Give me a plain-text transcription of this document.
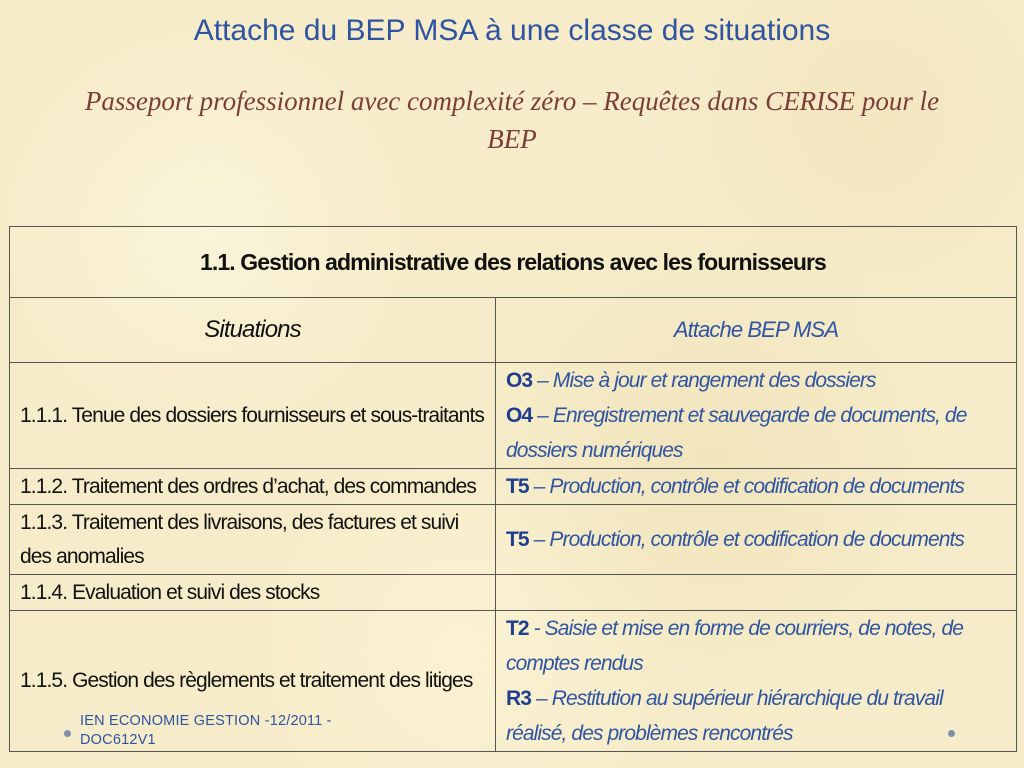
Attache du BEP MSA à une classe de situations
Passeport professionnel avec complexité zéro – Requêtes dans CERISE pour le BEP
1.1. Gestion administrative des relations avec les fournisseurs	
Situations	Attache BEP MSA
1.1.1. Tenue des dossiers fournisseurs et sous-traitants	O3 – Mise à jour et rangement des dossiers
O4 – Enregistrement et sauvegarde de documents, de dossiers numériques

1.1.2. Traitement des ordres d’achat, des commandes	T5 – Production, contrôle et codification de documents

1.1.3. Traitement des livraisons, des factures et suivi des anomalies	T5 – Production, contrôle et codification de documents

1.1.4. Evaluation et suivi des stocks	
1.1.5. Gestion des règlements et traitement des litiges	T2 - Saisie et mise en forme de courriers, de notes, de comptes rendus
R3 – Restitution au supérieur hiérarchique du travail réalisé, des problèmes rencontrés
IEN ECONOMIE GESTION -12/2011 -
DOC612V1
